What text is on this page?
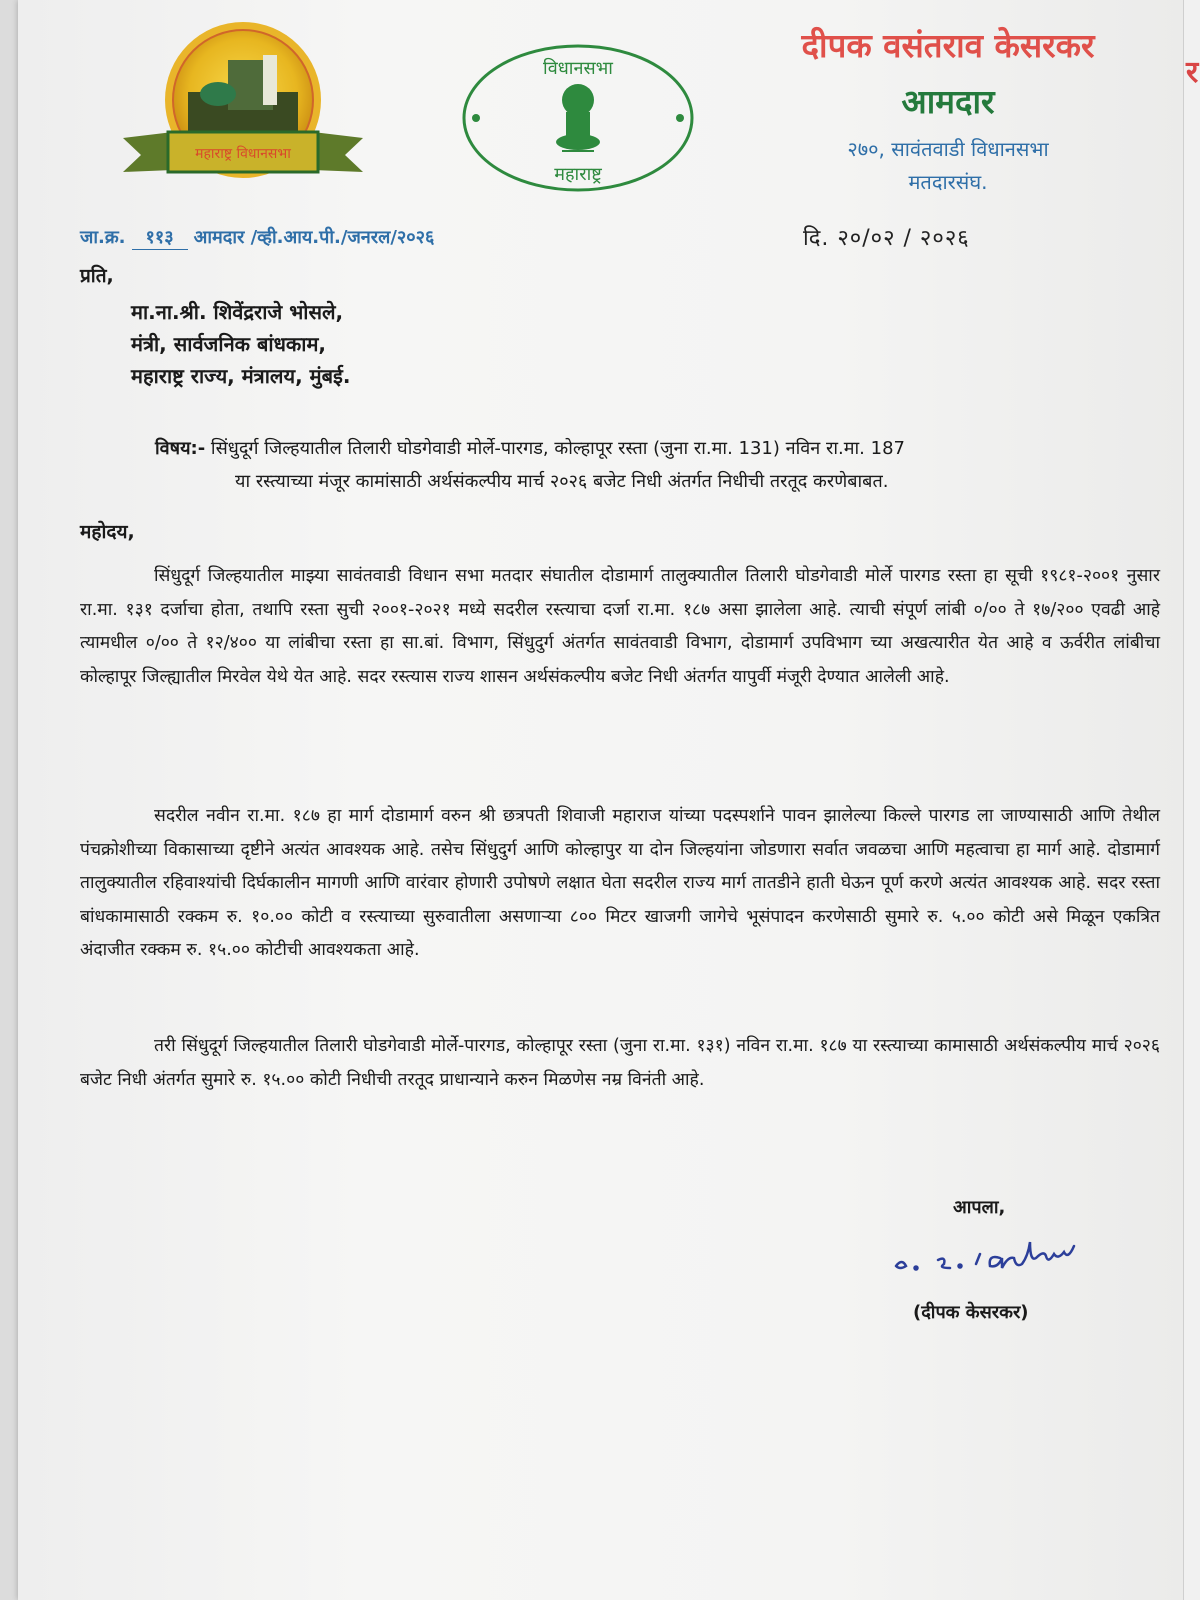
महाराष्ट्र विधानसभा
विधानसभा
महाराष्ट्र
दीपक वसंतराव केसरकर
आमदार
२७०, सावंतवाडी विधानसभा
मतदारसंघ.
जा.क्र. ११३ आमदार /व्ही.आय.पी./जनरल/२०२६	दि. २०/०२ / २०२६
प्रति,
मा.ना.श्री. शिवेंद्रराजे भोसले,
मंत्री, सार्वजनिक बांधकाम,
महाराष्ट्र राज्य, मंत्रालय, मुंबई.
विषय:- सिंधुदूर्ग जिल्हयातील तिलारी घोडगेवाडी मोर्ले-पारगड, कोल्हापूर रस्ता (जुना रा.मा. 131) नविन रा.मा. 187
या रस्त्याच्या मंजूर कामांसाठी अर्थसंकल्पीय मार्च २०२६ बजेट निधी अंतर्गत निधीची तरतूद करणेबाबत.
महोदय,

सिंधुदूर्ग जिल्हयातील माझ्या सावंतवाडी विधान सभा मतदार संघातील दोडामार्ग तालुक्यातील तिलारी घोडगेवाडी मोर्ले पारगड रस्ता हा सूची १९८१-२००१ नुसार रा.मा. १३१ दर्जाचा होता, तथापि रस्ता सुची २००१-२०२१ मध्ये सदरील रस्त्याचा दर्जा रा.मा. १८७ असा झालेला आहे. त्याची संपूर्ण लांबी ०/०० ते १७/२०० एवढी आहे त्यामधील ०/०० ते १२/४०० या लांबीचा रस्ता हा सा.बां. विभाग, सिंधुदुर्ग अंतर्गत सावंतवाडी विभाग, दोडामार्ग उपविभाग च्या अखत्यारीत येत आहे व ऊर्वरीत लांबीचा कोल्हापूर जिल्ह्यातील मिरवेल येथे येत आहे. सदर रस्त्यास राज्य शासन अर्थसंकल्पीय बजेट निधी अंतर्गत यापुर्वी मंजूरी देण्यात आलेली आहे.

सदरील नवीन रा.मा. १८७ हा मार्ग दोडामार्ग वरुन श्री छत्रपती शिवाजी महाराज यांच्या पदस्पर्शाने पावन झालेल्या किल्ले पारगड ला जाण्यासाठी आणि तेथील पंचक्रोशीच्या विकासाच्या दृष्टीने अत्यंत आवश्यक आहे. तसेच सिंधुदुर्ग आणि कोल्हापुर या दोन जिल्हयांना जोडणारा सर्वात जवळचा आणि महत्वाचा हा मार्ग आहे. दोडामार्ग तालुक्यातील रहिवाश्यांची दिर्घकालीन मागणी आणि वारंवार होणारी उपोषणे लक्षात घेता सदरील राज्य मार्ग तातडीने हाती घेऊन पूर्ण करणे अत्यंत आवश्यक आहे. सदर रस्ता बांधकामासाठी रक्कम रु. १०.०० कोटी व रस्त्याच्या सुरुवातीला असणाऱ्या ८०० मिटर खाजगी जागेचे भूसंपादन करणेसाठी सुमारे रु. ५.०० कोटी असे मिळून एकत्रित अंदाजीत रक्कम रु. १५.०० कोटीची आवश्यकता आहे.

तरी सिंधुदूर्ग जिल्हयातील तिलारी घोडगेवाडी मोर्ले-पारगड, कोल्हापूर रस्ता (जुना रा.मा. १३१) नविन रा.मा. १८७ या रस्त्याच्या कामासाठी अर्थसंकल्पीय मार्च २०२६ बजेट निधी अंतर्गत सुमारे रु. १५.०० कोटी निधीची तरतूद प्राधान्याने करुन मिळणेस नम्र विनंती आहे.

आपला,
(दीपक केसरकर)
र
